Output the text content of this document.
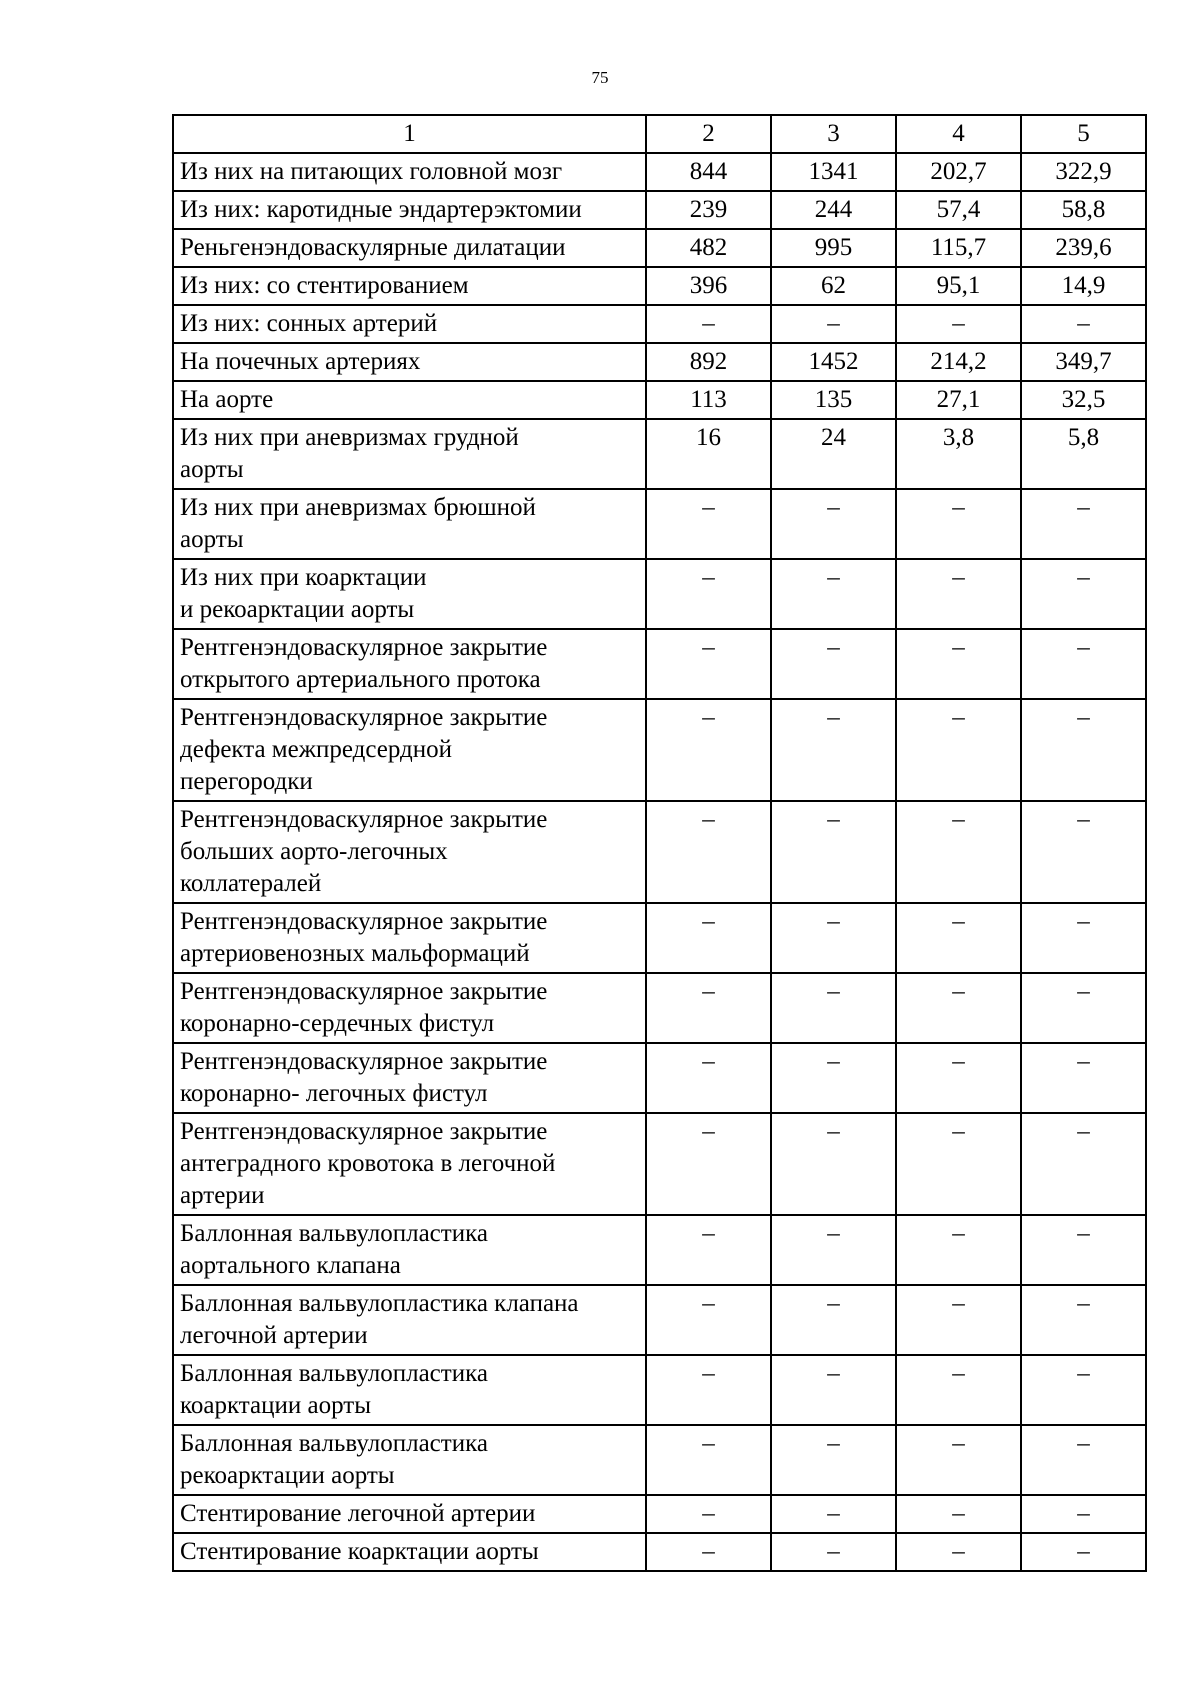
75
1	2	3	4	5
Из них на питающих головной мозг	844	1341	202,7	322,9
Из них: каротидные эндартерэктомии	239	244	57,4	58,8
Реньгенэндоваскулярные дилатации	482	995	115,7	239,6
Из них: со стентированием	396	62	95,1	14,9
Из них: сонных артерий	–	–	–	–
На почечных артериях	892	1452	214,2	349,7
На аорте	113	135	27,1	32,5
Из них при аневризмах грудной
аорты	16	24	3,8	5,8
Из них при аневризмах брюшной
аорты	–	–	–	–
Из них при коарктации
и рекоарктации аорты	–	–	–	–
Рентгенэндоваскулярное закрытие
открытого артериального протока	–	–	–	–
Рентгенэндоваскулярное закрытие
дефекта межпредсердной
перегородки	–	–	–	–
Рентгенэндоваскулярное закрытие
больших аорто-легочных
коллатералей	–	–	–	–
Рентгенэндоваскулярное закрытие
артериовенозных мальформаций	–	–	–	–
Рентгенэндоваскулярное закрытие
коронарно-сердечных фистул	–	–	–	–
Рентгенэндоваскулярное закрытие
коронарно- легочных фистул	–	–	–	–
Рентгенэндоваскулярное закрытие
антеградного кровотока в легочной
артерии	–	–	–	–
Баллонная вальвулопластика
аортального клапана	–	–	–	–
Баллонная вальвулопластика клапана
легочной артерии	–	–	–	–
Баллонная вальвулопластика
коарктации аорты	–	–	–	–
Баллонная вальвулопластика
рекоарктации аорты	–	–	–	–
Стентирование легочной артерии	–	–	–	–
Стентирование коарктации аорты	–	–	–	–
